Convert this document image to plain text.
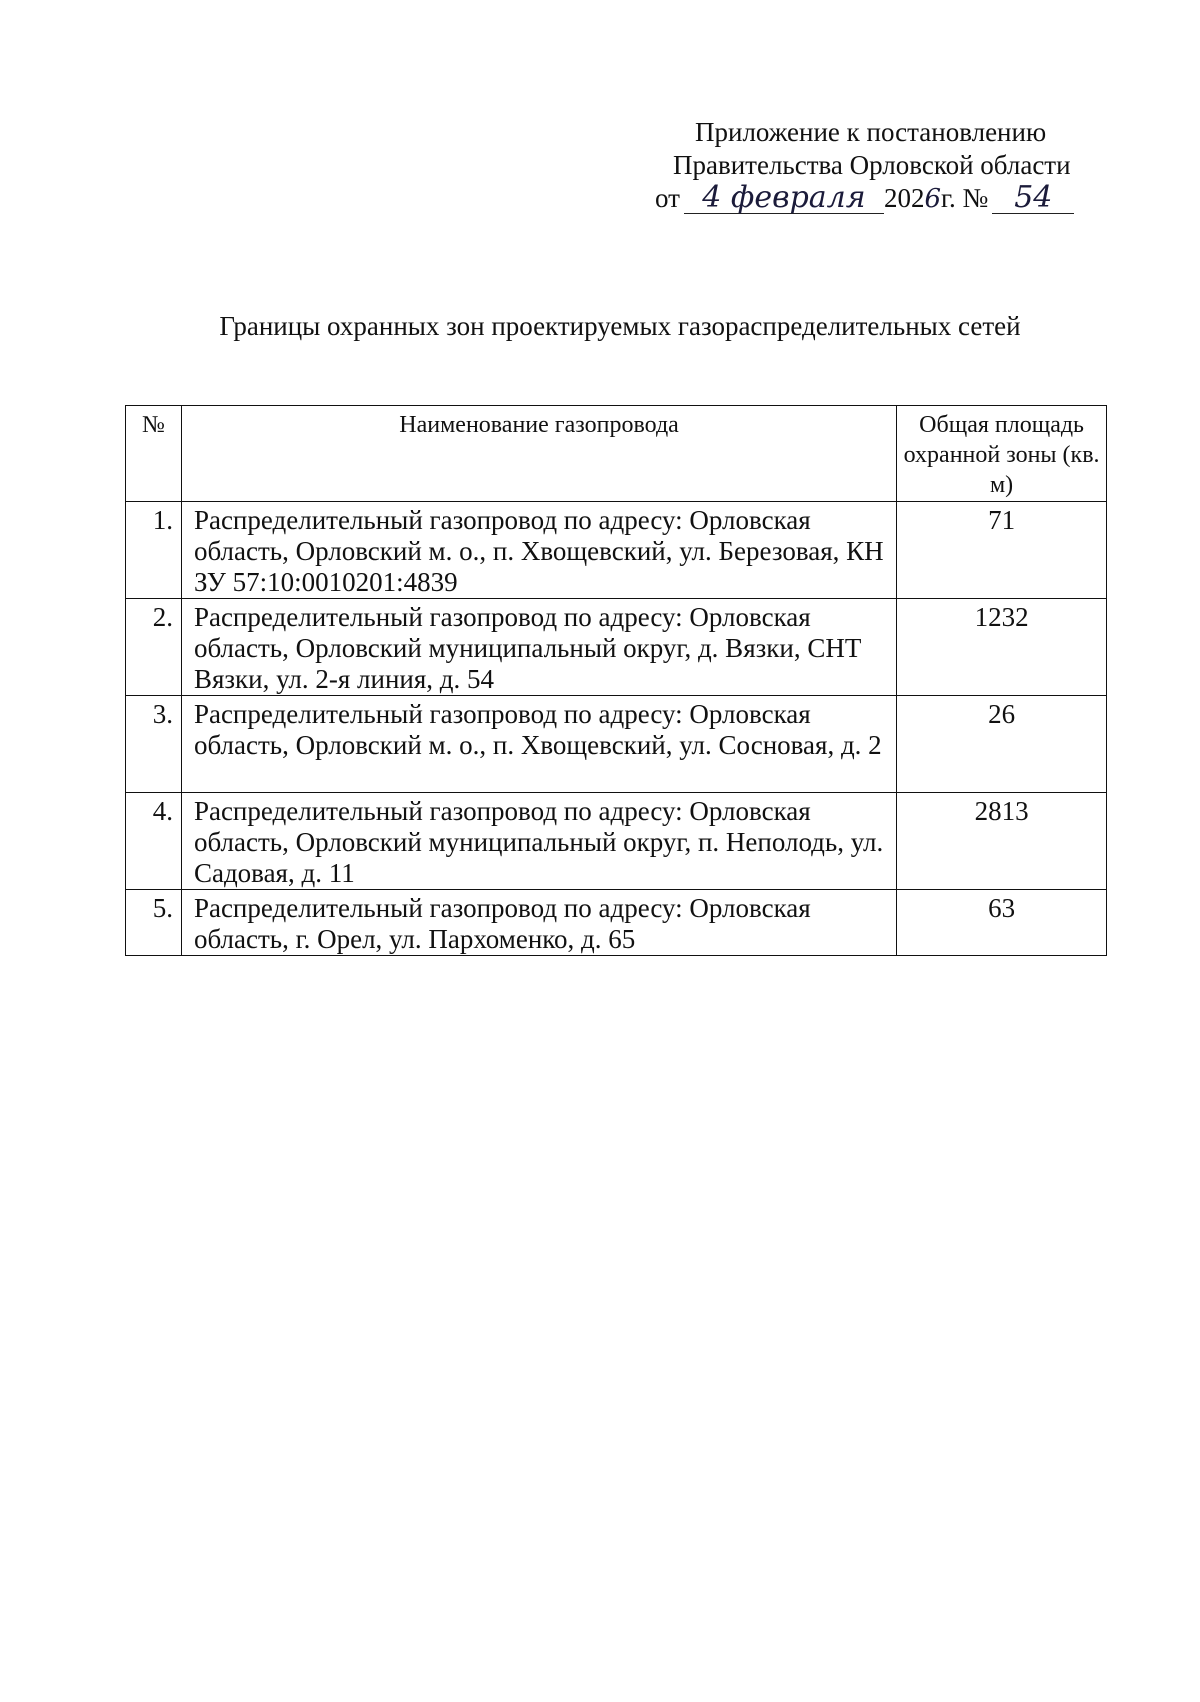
Приложение к постановлению
Правительства Орловской области
от 4 февраля 2026г. № 54
Границы охранных зон проектируемых газораспределительных сетей
№	Наименование газопровода	Общая площадь охранной зоны (кв. м)
1.	Распределительный газопровод по адресу: Орловская область, Орловский м. о., п. Хвощевский, ул. Березовая, КН ЗУ 57:10:0010201:4839	71
2.	Распределительный газопровод по адресу: Орловская область, Орловский муниципальный округ, д. Вязки, СНТ Вязки, ул. 2-я линия, д. 54	1232
3.	Распределительный газопровод по адресу: Орловская область, Орловский м. о., п. Хвощевский, ул. Сосновая, д. 2	26
4.	Распределительный газопровод по адресу: Орловская область, Орловский муниципальный округ, п. Неполодь, ул. Садовая, д. 11	2813
5.	Распределительный газопровод по адресу: Орловская область, г. Орел, ул. Пархоменко, д. 65	63
